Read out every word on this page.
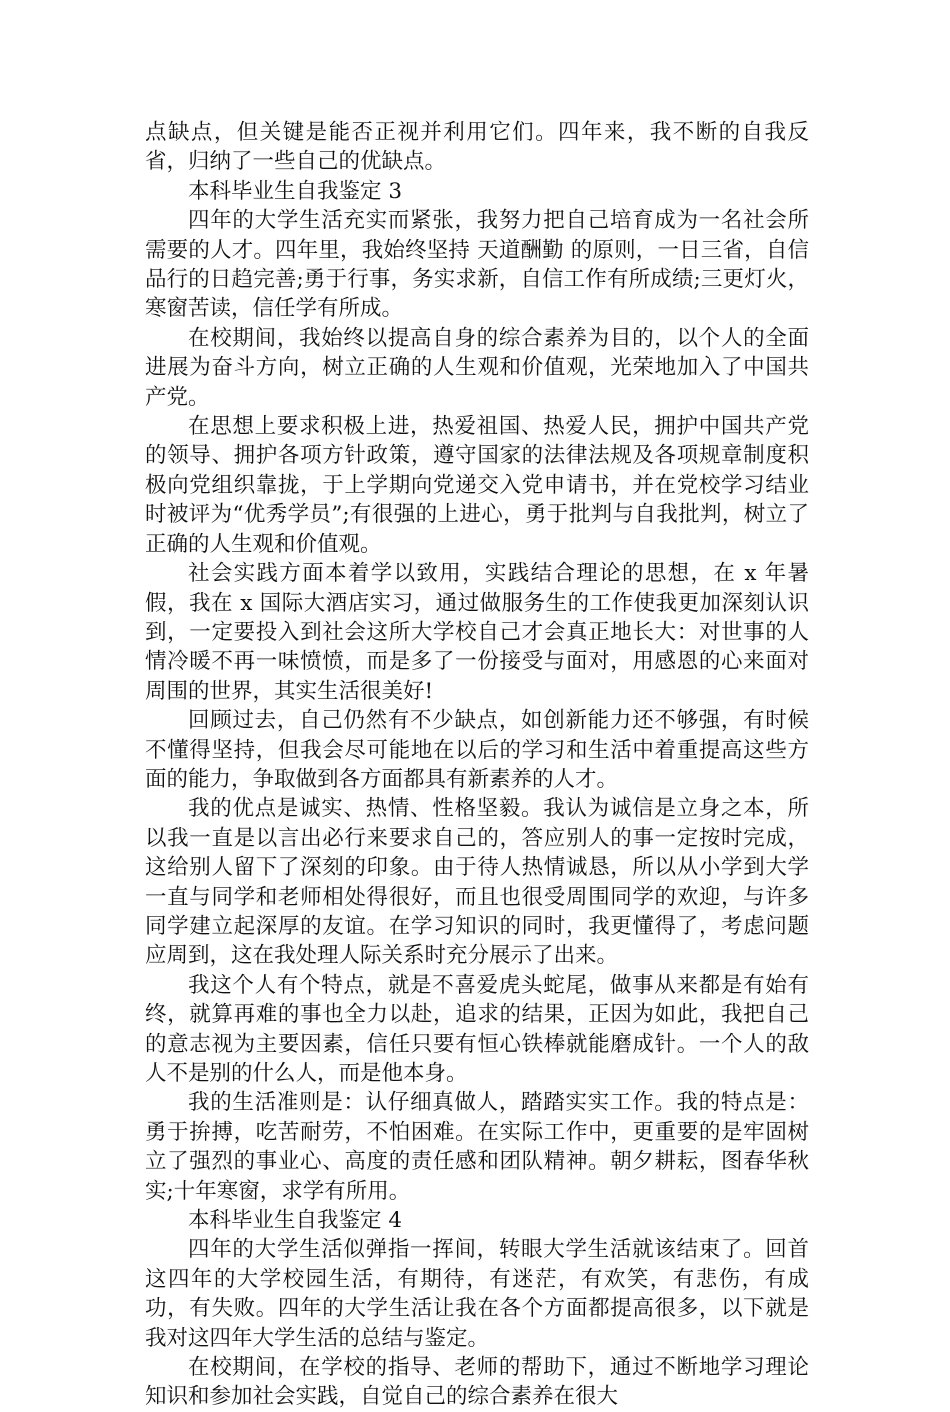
点缺点，但关键是能否正视并利用它们。四年来，我不断的自我反省，归纳了一些自己的优缺点。

本科毕业生自我鉴定 3

四年的大学生活充实而紧张，我努力把自己培育成为一名社会所需要的人才。四年里，我始终坚持 天道酬勤 的原则，一日三省，自信品行的日趋完善;勇于行事，务实求新，自信工作有所成绩;三更灯火，寒窗苦读，信任学有所成。

在校期间，我始终以提高自身的综合素养为目的，以个人的全面进展为奋斗方向，树立正确的人生观和价值观，光荣地加入了中国共产党。

在思想上要求积极上进，热爱祖国、热爱人民，拥护中国共产党的领导、拥护各项方针政策，遵守国家的法律法规及各项规章制度积极向党组织靠拢，于上学期向党递交入党申请书，并在党校学习结业时被评为“优秀学员”;有很强的上进心，勇于批判与自我批判，树立了正确的人生观和价值观。

社会实践方面本着学以致用，实践结合理论的思想，在 x 年暑假，我在 x 国际大酒店实习，通过做服务生的工作使我更加深刻认识到，一定要投入到社会这所大学校自己才会真正地长大：对世事的人情冷暖不再一味愤愤，而是多了一份接受与面对，用感恩的心来面对周围的世界，其实生活很美好!

回顾过去，自己仍然有不少缺点，如创新能力还不够强，有时候不懂得坚持，但我会尽可能地在以后的学习和生活中着重提高这些方面的能力，争取做到各方面都具有新素养的人才。

我的优点是诚实、热情、性格坚毅。我认为诚信是立身之本，所以我一直是以言出必行来要求自己的，答应别人的事一定按时完成，这给别人留下了深刻的印象。由于待人热情诚恳，所以从小学到大学一直与同学和老师相处得很好，而且也很受周围同学的欢迎，与许多同学建立起深厚的友谊。在学习知识的同时，我更懂得了，考虑问题应周到，这在我处理人际关系时充分展示了出来。

我这个人有个特点，就是不喜爱虎头蛇尾，做事从来都是有始有终，就算再难的事也全力以赴，追求的结果，正因为如此，我把自己的意志视为主要因素，信任只要有恒心铁棒就能磨成针。一个人的敌人不是别的什么人，而是他本身。

我的生活准则是：认仔细真做人，踏踏实实工作。我的特点是：勇于拚搏，吃苦耐劳，不怕困难。在实际工作中，更重要的是牢固树立了强烈的事业心、高度的责任感和团队精神。朝夕耕耘，图春华秋实;十年寒窗，求学有所用。

本科毕业生自我鉴定 4

四年的大学生活似弹指一挥间，转眼大学生活就该结束了。回首这四年的大学校园生活，有期待，有迷茫，有欢笑，有悲伤，有成功，有失败。四年的大学生活让我在各个方面都提高很多，以下就是我对这四年大学生活的总结与鉴定。

在校期间，在学校的指导、老师的帮助下，通过不断地学习理论知识和参加社会实践，自觉自己的综合素养在很大
